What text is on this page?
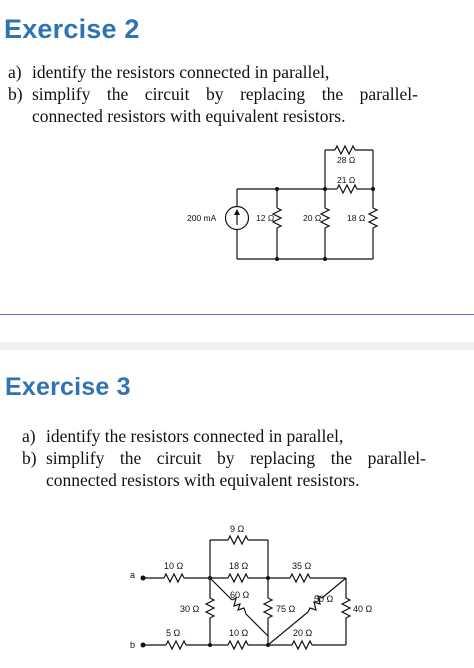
Exercise 2
a) identify the resistors connected in parallel,
b) simplify the circuit by replacing the parallel-
connected resistors with equivalent resistors.
200 mA	12 Ω	20 Ω	18 Ω
28 Ω
21 Ω
Exercise 3
a) identify the resistors connected in parallel,
b) simplify the circuit by replacing the parallel-
connected resistors with equivalent resistors.
a
b
9 Ω
10 Ω	18 Ω	35 Ω
60 Ω
30 Ω	75 Ω
50 Ω
40 Ω
5 Ω	10 Ω	20 Ω
